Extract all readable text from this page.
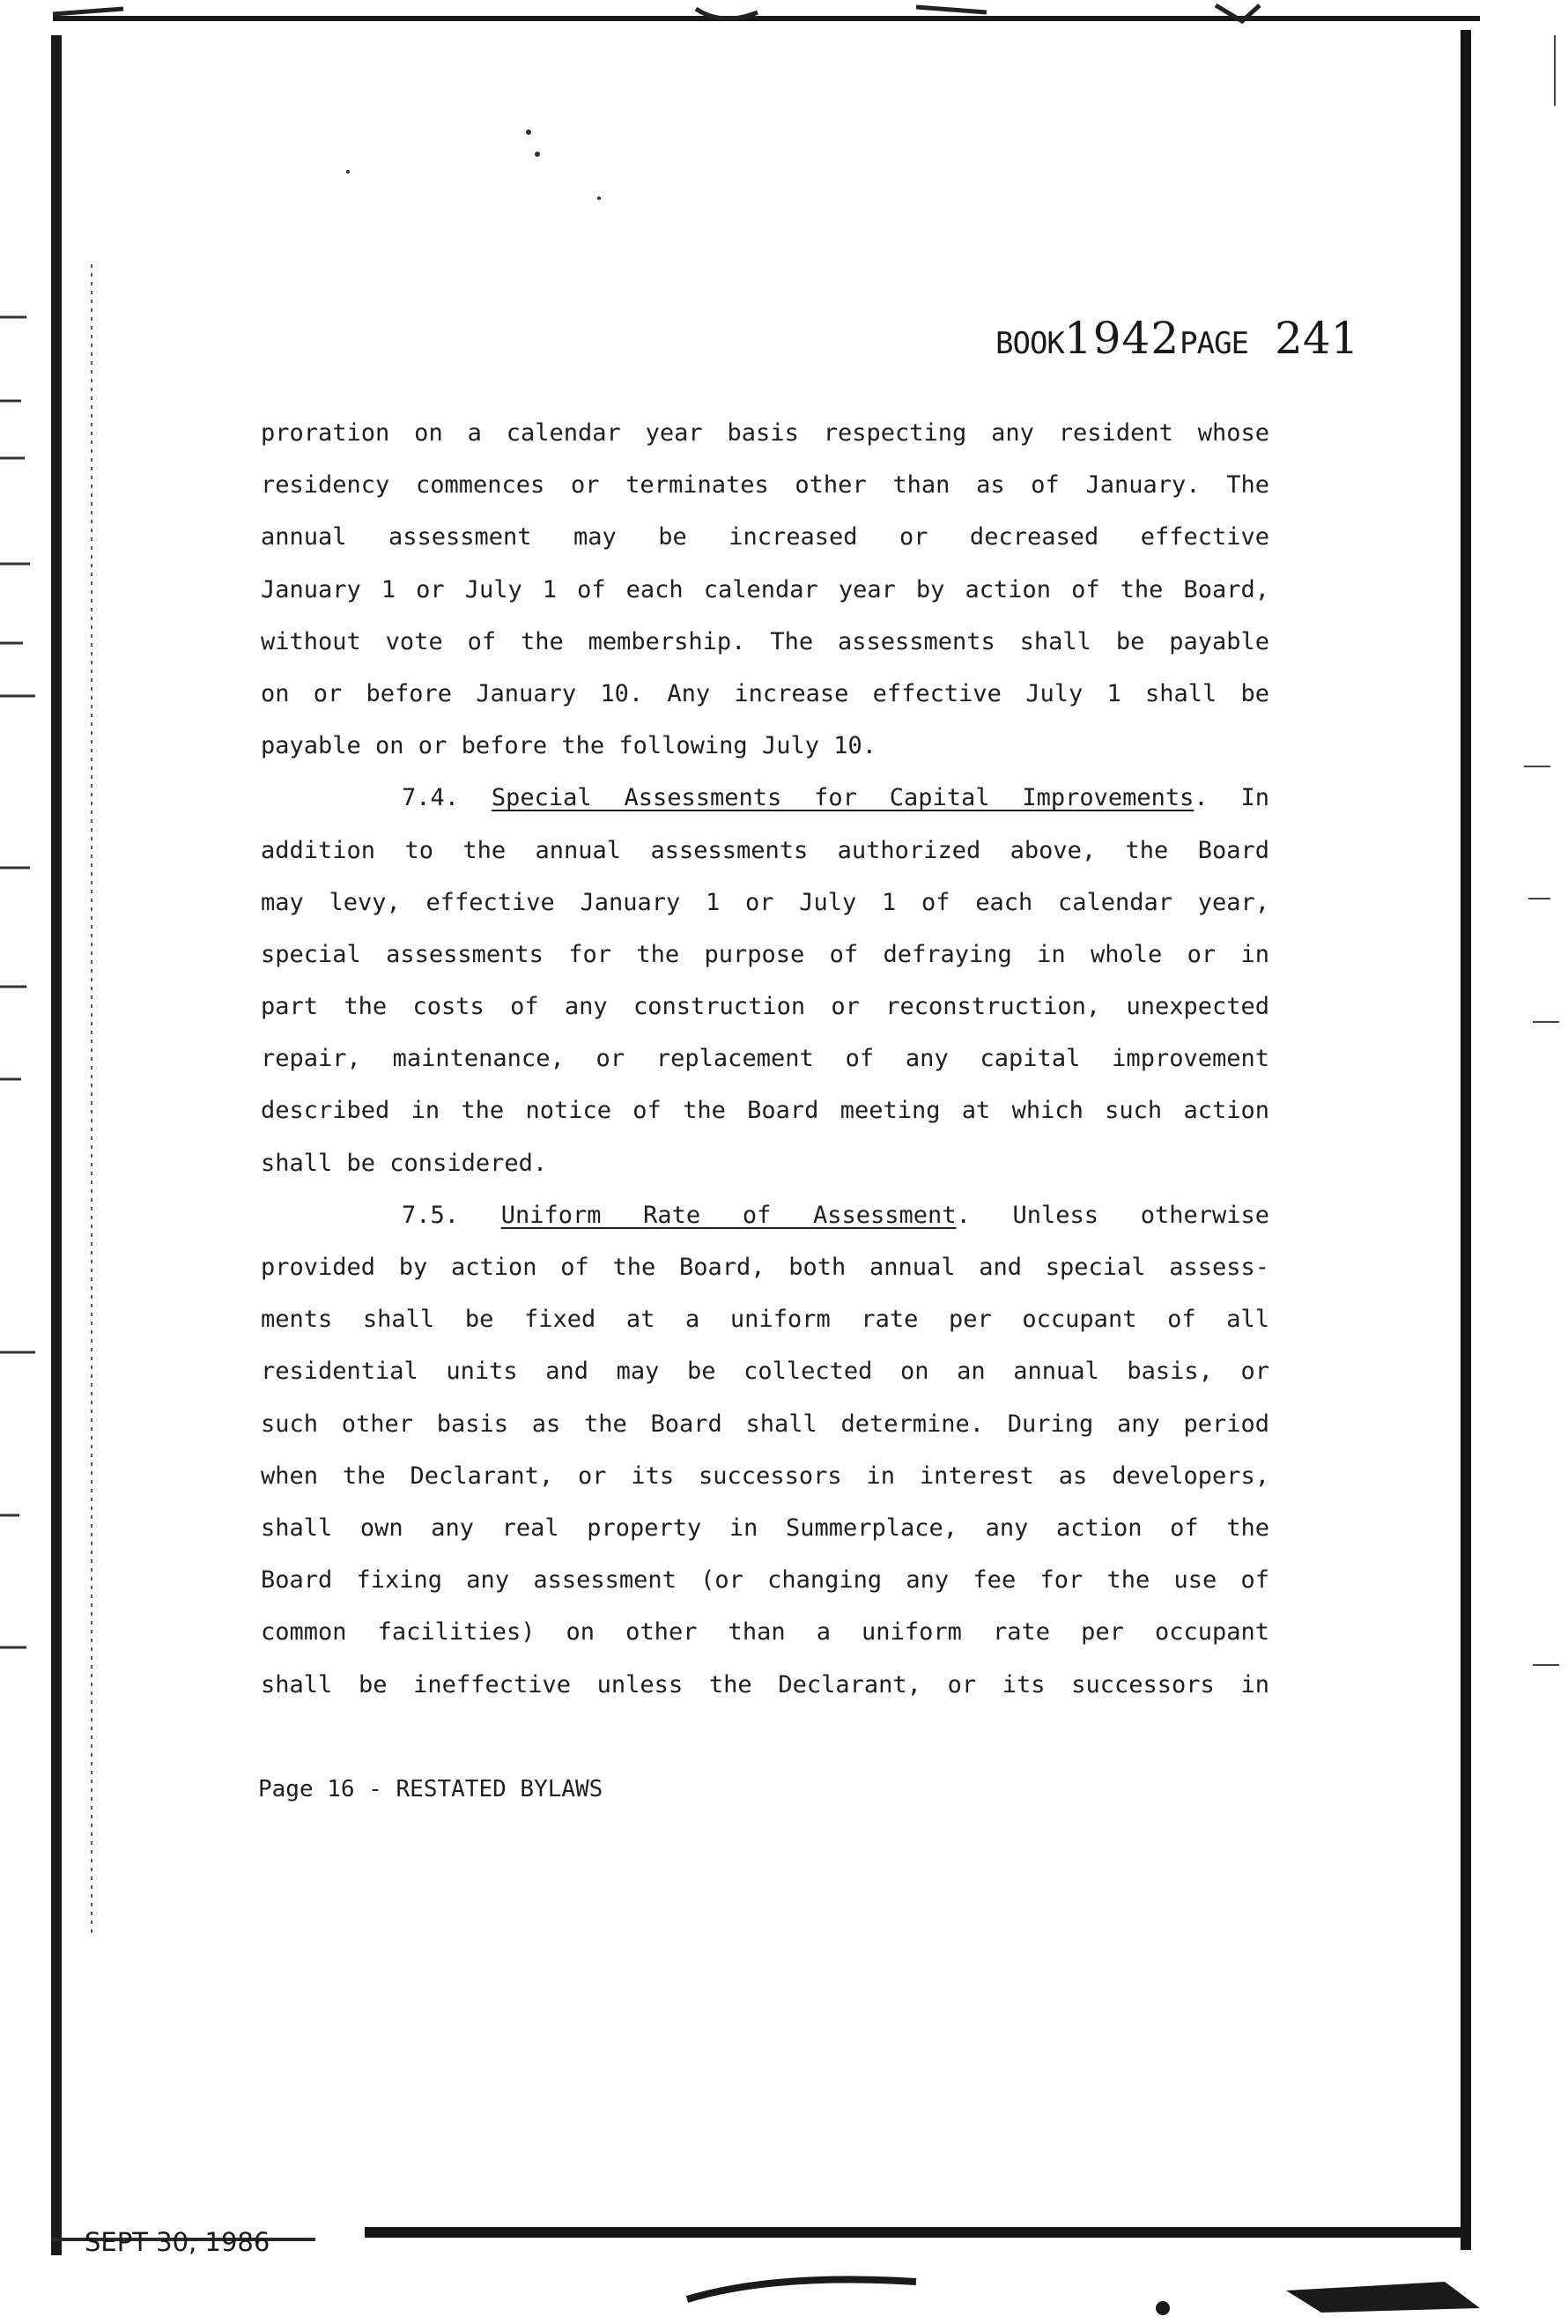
BOOK1942PAGE 241
proration on a calendar year basis respecting any resident whose
residency commences or terminates other than as of January. The
annual assessment may be increased or decreased effective
January 1 or July 1 of each calendar year by action of the Board,
without vote of the membership. The assessments shall be payable
on or before January 10. Any increase effective July 1 shall be
payable on or before the following July 10.
7.4. Special Assessments for Capital Improvements. In
addition to the annual assessments authorized above, the Board
may levy, effective January 1 or July 1 of each calendar year,
special assessments for the purpose of defraying in whole or in
part the costs of any construction or reconstruction, unexpected
repair, maintenance, or replacement of any capital improvement
described in the notice of the Board meeting at which such action
shall be considered.
7.5. Uniform Rate of Assessment. Unless otherwise
provided by action of the Board, both annual and special assess-
ments shall be fixed at a uniform rate per occupant of all
residential units and may be collected on an annual basis, or
such other basis as the Board shall determine. During any period
when the Declarant, or its successors in interest as developers,
shall own any real property in Summerplace, any action of the
Board fixing any assessment (or changing any fee for the use of
common facilities) on other than a uniform rate per occupant
shall be ineffective unless the Declarant, or its successors in
Page 16 - RESTATED BYLAWS
SEPT 30, 1986
